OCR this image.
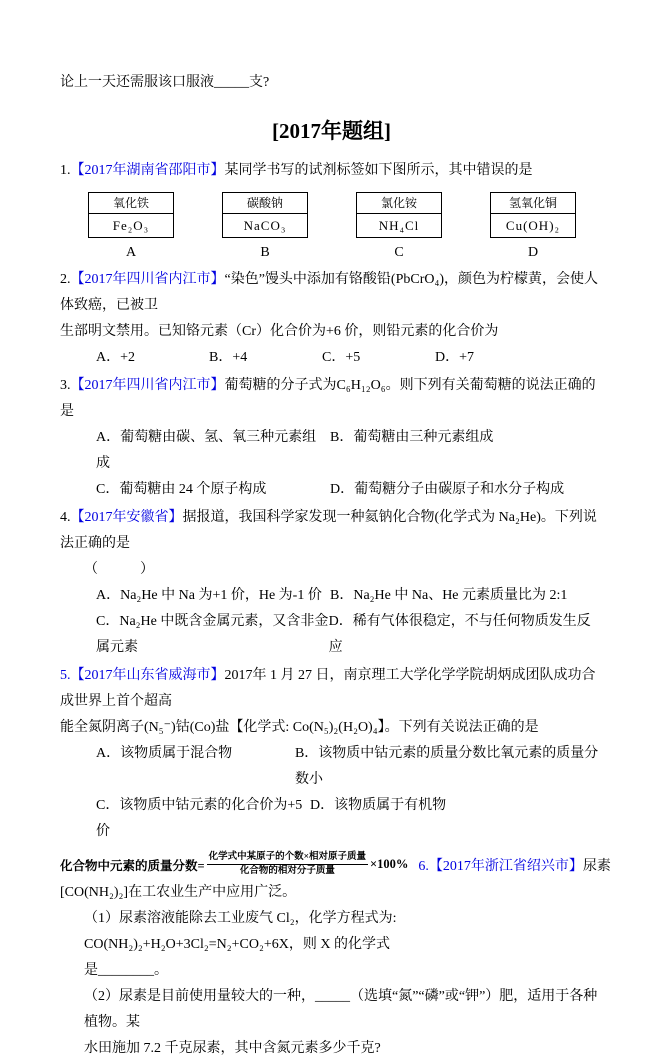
论上一天还需服该口服液_____支?
[2017年题组]
1.【2017年湖南省邵阳市】某同学书写的试剂标签如下图所示，其中错误的是
氧化铁
Fe₂O₃
A
碳酸钠
NaCO₃
B
氯化铵
NH₄Cl
C
氢氧化铜
Cu(OH)₂
D
2.【2017年四川省内江市】“染色”馒头中添加有铬酸铅(PbCrO₄)，颜色为柠檬黄，会使人体致癌，已被卫
生部明文禁用。已知铬元素（Cr）化合价为+6 价，则铅元素的化合价为
A．+2	B．+4	C．+5	D．+7
3.【2017年四川省内江市】葡萄糖的分子式为C₆H₁₂O₆。则下列有关葡萄糖的说法正确的是
A．葡萄糖由碳、氢、氧三种元素组成
B．葡萄糖由三种元素组成
C．葡萄糖由 24 个原子构成	D．葡萄糖分子由碳原子和水分子构成
4.【2017年安徽省】据报道，我国科学家发现一种氦钠化合物(化学式为 Na₂He)。下列说法正确的是
（　　　）
A．Na₂He 中 Na 为+1 价，He 为-1 价 B．Na₂He 中 Na、He 元素质量比为 2:1
C．Na₂He 中既含金属元素，又含非金属元素
D．稀有气体很稳定，不与任何物质发生反应
5.【2017年山东省威海市】2017年 1 月 27 日，南京理工大学化学学院胡炳成团队成功合成世界上首个超高
能全氮阴离子(N₅⁻)钴(Co)盐【化学式: Co(N₅)₂(H₂O)₄】。下列有关说法正确的是
A．该物质属于混合物	B．该物质中钴元素的质量分数比氧元素的质量分数小
C．该物质中钴元素的化合价为+5 价
D．该物质属于有机物
化合物中元素的质量分数= $\frac{\text{化学式中某原子的个数×相对原子质量}}{\text{化合物的相对分子质量}} \times 100\%$ 6.【2017年浙江省绍兴市】尿素
[CO(NH₂)₂]在工农业生产中应用广泛。
（1）尿素溶液能除去工业废气 Cl₂，化学方程式为: CO(NH₂)₂+H₂O+3Cl₂=N₂+CO₂+6X，则 X 的化学式
是________。
（2）尿素是目前使用量较大的一种，_____（选填“氮”“磷”或“钾”）肥，适用于各种植物。某
水田施加 7.2 千克尿素，其中含氮元素多少千克?
